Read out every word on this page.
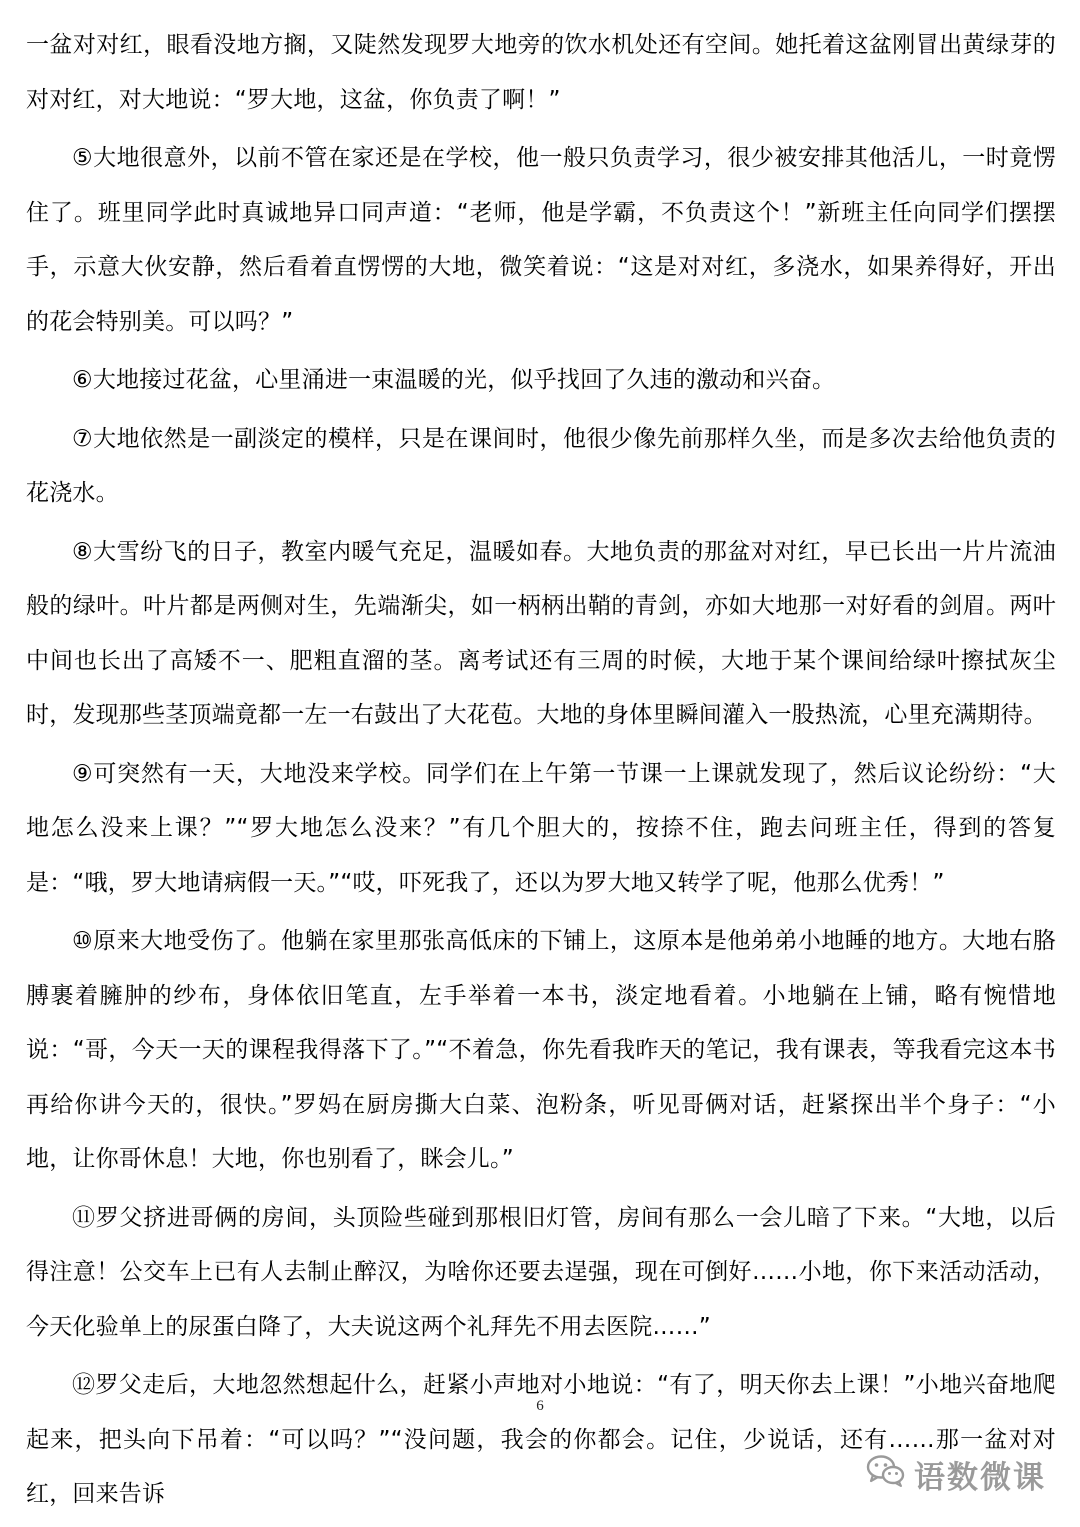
一盆对对红，眼看没地方搁，又陡然发现罗大地旁的饮水机处还有空间。她托着这盆刚冒出黄绿芽的对对红，对大地说：“罗大地，这盆，你负责了啊！”

⑤大地很意外，以前不管在家还是在学校，他一般只负责学习，很少被安排其他活儿，一时竟愣住了。班里同学此时真诚地异口同声道：“老师，他是学霸，不负责这个！”新班主任向同学们摆摆手，示意大伙安静，然后看着直愣愣的大地，微笑着说：“这是对对红，多浇水，如果养得好，开出的花会特别美。可以吗？”

⑥大地接过花盆，心里涌进一束温暖的光，似乎找回了久违的激动和兴奋。

⑦大地依然是一副淡定的模样，只是在课间时，他很少像先前那样久坐，而是多次去给他负责的花浇水。

⑧大雪纷飞的日子，教室内暖气充足，温暖如春。大地负责的那盆对对红，早已长出一片片流油般的绿叶。叶片都是两侧对生，先端渐尖，如一柄柄出鞘的青剑，亦如大地那一对好看的剑眉。两叶中间也长出了高矮不一、肥粗直溜的茎。离考试还有三周的时候，大地于某个课间给绿叶擦拭灰尘时，发现那些茎顶端竟都一左一右鼓出了大花苞。大地的身体里瞬间灌入一股热流，心里充满期待。

⑨可突然有一天，大地没来学校。同学们在上午第一节课一上课就发现了，然后议论纷纷：“大地怎么没来上课？”“罗大地怎么没来？”有几个胆大的，按捺不住，跑去问班主任，得到的答复是：“哦，罗大地请病假一天。”“哎，吓死我了，还以为罗大地又转学了呢，他那么优秀！”

⑩原来大地受伤了。他躺在家里那张高低床的下铺上，这原本是他弟弟小地睡的地方。大地右胳膊裹着臃肿的纱布，身体依旧笔直，左手举着一本书，淡定地看着。小地躺在上铺，略有惋惜地说：“哥，今天一天的课程我得落下了。”“不着急，你先看我昨天的笔记，我有课表，等我看完这本书再给你讲今天的，很快。”罗妈在厨房撕大白菜、泡粉条，听见哥俩对话，赶紧探出半个身子：“小地，让你哥休息！大地，你也别看了，眯会儿。”

⑪罗父挤进哥俩的房间，头顶险些碰到那根旧灯管，房间有那么一会儿暗了下来。“大地，以后得注意！公交车上已有人去制止醉汉，为啥你还要去逞强，现在可倒好……小地，你下来活动活动，今天化验单上的尿蛋白降了，大夫说这两个礼拜先不用去医院……”

⑫罗父走后，大地忽然想起什么，赶紧小声地对小地说：“有了，明天你去上课！”小地兴奋地爬起来，把头向下吊着：“可以吗？”“没问题，我会的你都会。记住，少说话，还有……那一盆对对红，回来告诉

6
语数微课
